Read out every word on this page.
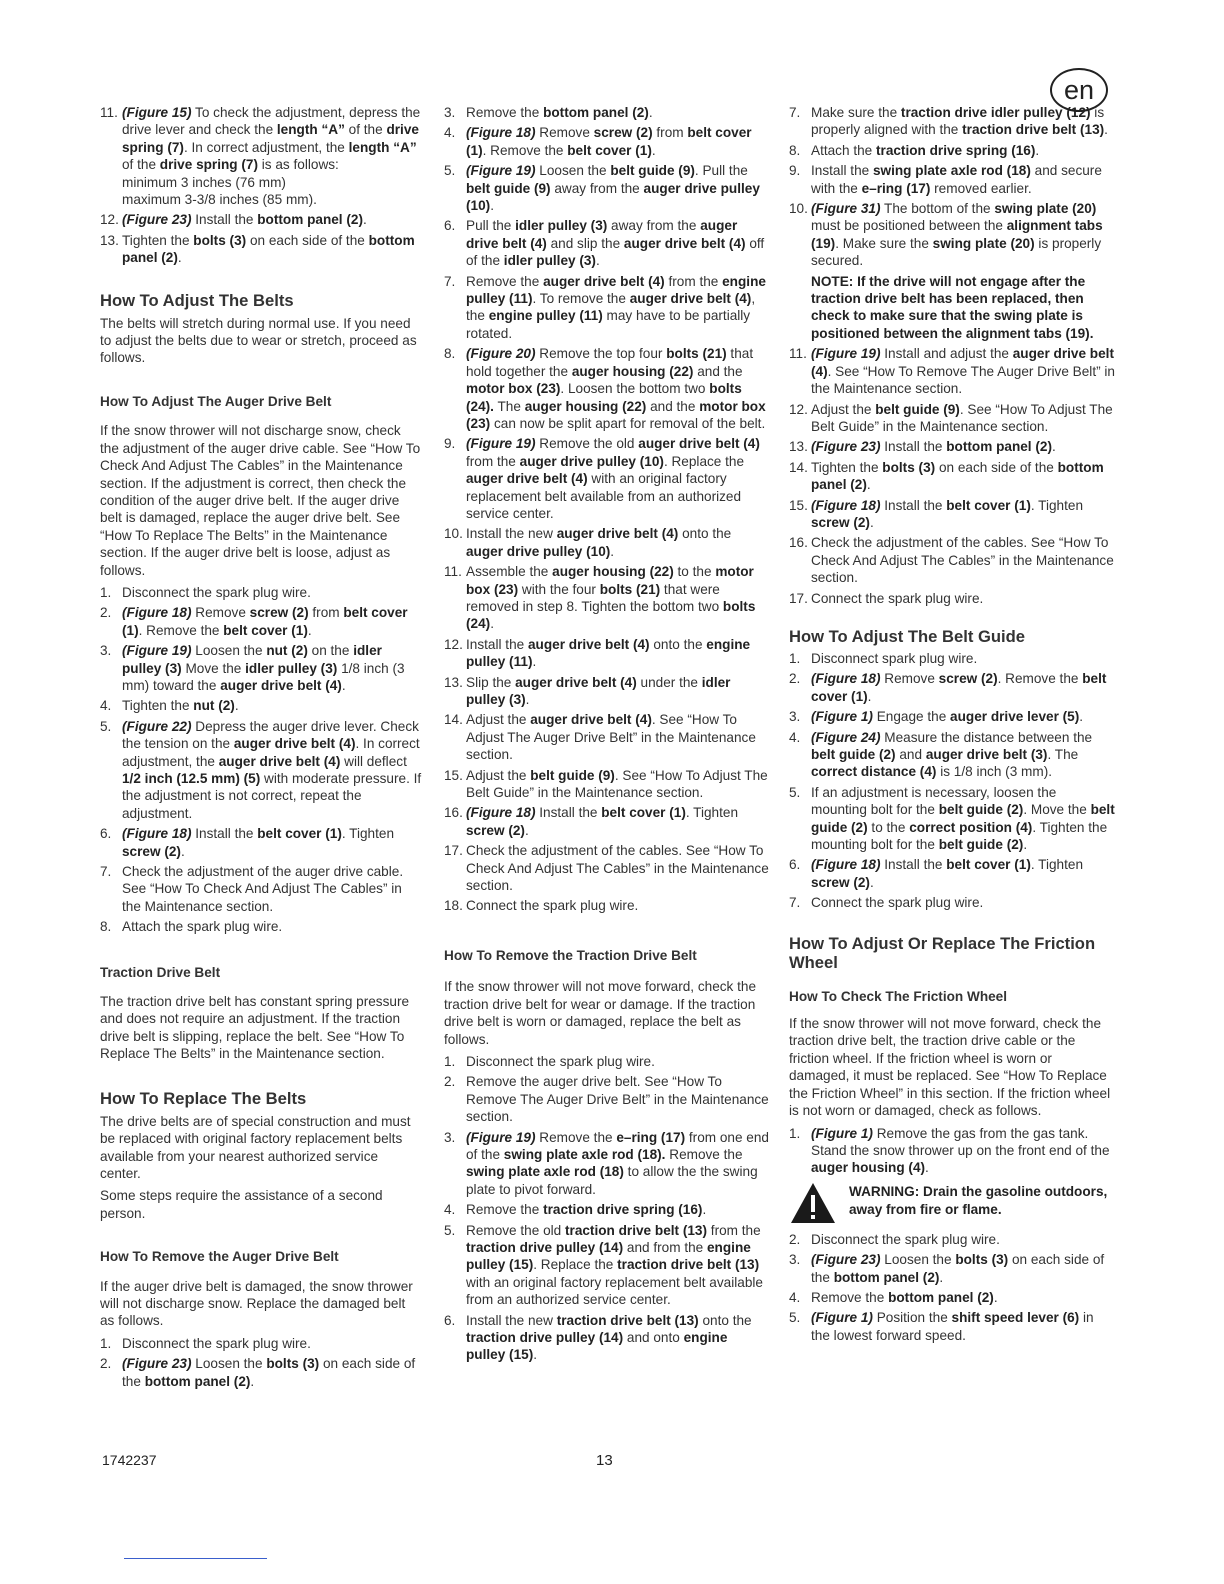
en
11. (Figure 15) To check the adjustment, depress the drive lever and check the length “A” of the drive spring (7). In correct adjustment, the length “A” of the drive spring (7) is as follows:
minimum 3 inches (76 mm)
maximum 3-3/8 inches (85 mm).
12. (Figure 23) Install the bottom panel (2).
13. Tighten the bolts (3) on each side of the bottom panel (2).
How To Adjust The Belts

The belts will stretch during normal use. If you need to adjust the belts due to wear or stretch, proceed as follows.

How To Adjust The Auger Drive Belt

If the snow thrower will not discharge snow, check the adjustment of the auger drive cable. See “How To Check And Adjust The Cables” in the Maintenance section. If the adjustment is correct, then check the condition of the auger drive belt. If the auger drive belt is damaged, replace the auger drive belt. See “How To Replace The Belts” in the Maintenance section. If the auger drive belt is loose, adjust as follows.

1. Disconnect the spark plug wire.
2. (Figure 18) Remove screw (2) from belt cover (1). Remove the belt cover (1).
3. (Figure 19) Loosen the nut (2) on the idler pulley (3) Move the idler pulley (3) 1/8 inch (3 mm) toward the auger drive belt (4).
4. Tighten the nut (2).
5. (Figure 22) Depress the auger drive lever. Check the tension on the auger drive belt (4). In correct adjustment, the auger drive belt (4) will deflect 1/2 inch (12.5 mm) (5) with moderate pressure. If the adjustment is not correct, repeat the adjustment.
6. (Figure 18) Install the belt cover (1). Tighten screw (2).
7. Check the adjustment of the auger drive cable. See “How To Check And Adjust The Cables” in the Maintenance section.
8. Attach the spark plug wire.
Traction Drive Belt

The traction drive belt has constant spring pressure and does not require an adjustment. If the traction drive belt is slipping, replace the belt. See “How To Replace The Belts” in the Maintenance section.

How To Replace The Belts

The drive belts are of special construction and must be replaced with original factory replacement belts available from your nearest authorized service center.

Some steps require the assistance of a second person.

How To Remove the Auger Drive Belt

If the auger drive belt is damaged, the snow thrower will not discharge snow. Replace the damaged belt as follows.

1. Disconnect the spark plug wire.
2. (Figure 23) Loosen the bolts (3) on each side of the bottom panel (2).
3. Remove the bottom panel (2).
4. (Figure 18) Remove screw (2) from belt cover (1). Remove the belt cover (1).
5. (Figure 19) Loosen the belt guide (9). Pull the belt guide (9) away from the auger drive pulley (10).
6. Pull the idler pulley (3) away from the auger drive belt (4) and slip the auger drive belt (4) off of the idler pulley (3).
7. Remove the auger drive belt (4) from the engine pulley (11). To remove the auger drive belt (4), the engine pulley (11) may have to be partially rotated.
8. (Figure 20) Remove the top four bolts (21) that hold together the auger housing (22) and the motor box (23). Loosen the bottom two bolts (24). The auger housing (22) and the motor box (23) can now be split apart for removal of the belt.
9. (Figure 19) Remove the old auger drive belt (4) from the auger drive pulley (10). Replace the auger drive belt (4) with an original factory replacement belt available from an authorized service center.
10. Install the new auger drive belt (4) onto the auger drive pulley (10).
11. Assemble the auger housing (22) to the motor box (23) with the four bolts (21) that were removed in step 8. Tighten the bottom two bolts (24).
12. Install the auger drive belt (4) onto the engine pulley (11).
13. Slip the auger drive belt (4) under the idler pulley (3).
14. Adjust the auger drive belt (4). See “How To Adjust The Auger Drive Belt” in the Maintenance section.
15. Adjust the belt guide (9). See “How To Adjust The Belt Guide” in the Maintenance section.
16. (Figure 18) Install the belt cover (1). Tighten screw (2).
17. Check the adjustment of the cables. See “How To Check And Adjust The Cables” in the Maintenance section.
18. Connect the spark plug wire.
How To Remove the Traction Drive Belt

If the snow thrower will not move forward, check the traction drive belt for wear or damage. If the traction drive belt is worn or damaged, replace the belt as follows.

1. Disconnect the spark plug wire.
2. Remove the auger drive belt. See “How To Remove The Auger Drive Belt” in the Maintenance section.
3. (Figure 19) Remove the e–ring (17) from one end of the swing plate axle rod (18). Remove the swing plate axle rod (18) to allow the the swing plate to pivot forward.
4. Remove the traction drive spring (16).
5. Remove the old traction drive belt (13) from the traction drive pulley (14) and from the engine pulley (15). Replace the traction drive belt (13) with an original factory replacement belt available from an authorized service center.
6. Install the new traction drive belt (13) onto the traction drive pulley (14) and onto engine pulley (15).
7. Make sure the traction drive idler pulley (12) is properly aligned with the traction drive belt (13).
8. Attach the traction drive spring (16).
9. Install the swing plate axle rod (18) and secure with the e–ring (17) removed earlier.
10. (Figure 31) The bottom of the swing plate (20) must be positioned between the alignment tabs (19). Make sure the swing plate (20) is properly secured.
NOTE: If the drive will not engage after the traction drive belt has been replaced, then check to make sure that the swing plate is positioned between the alignment tabs (19).
11. (Figure 19) Install and adjust the auger drive belt (4). See “How To Remove The Auger Drive Belt” in the Maintenance section.
12. Adjust the belt guide (9). See “How To Adjust The Belt Guide” in the Maintenance section.
13. (Figure 23) Install the bottom panel (2).
14. Tighten the bolts (3) on each side of the bottom panel (2).
15. (Figure 18) Install the belt cover (1). Tighten screw (2).
16. Check the adjustment of the cables. See “How To Check And Adjust The Cables” in the Maintenance section.
17. Connect the spark plug wire.
How To Adjust The Belt Guide
1. Disconnect spark plug wire.
2. (Figure 18) Remove screw (2). Remove the belt cover (1).
3. (Figure 1) Engage the auger drive lever (5).
4. (Figure 24) Measure the distance between the belt guide (2) and auger drive belt (3). The correct distance (4) is 1/8 inch (3 mm).
5. If an adjustment is necessary, loosen the mounting bolt for the belt guide (2). Move the belt guide (2) to the correct position (4). Tighten the mounting bolt for the belt guide (2).
6. (Figure 18) Install the belt cover (1). Tighten screw (2).
7. Connect the spark plug wire.
How To Adjust Or Replace The Friction Wheel
How To Check The Friction Wheel

If the snow thrower will not move forward, check the traction drive belt, the traction drive cable or the friction wheel. If the friction wheel is worn or damaged, it must be replaced. See “How To Replace the Friction Wheel” in this section. If the friction wheel is not worn or damaged, check as follows.

1. (Figure 1) Remove the gas from the gas tank. Stand the snow thrower up on the front end of the auger housing (4).
WARNING: Drain the gasoline outdoors, away from fire or flame.
2. Disconnect the spark plug wire.
3. (Figure 23) Loosen the bolts (3) on each side of the bottom panel (2).
4. Remove the bottom panel (2).
5. (Figure 1) Position the shift speed lever (6) in the lowest forward speed.
1742237	13
